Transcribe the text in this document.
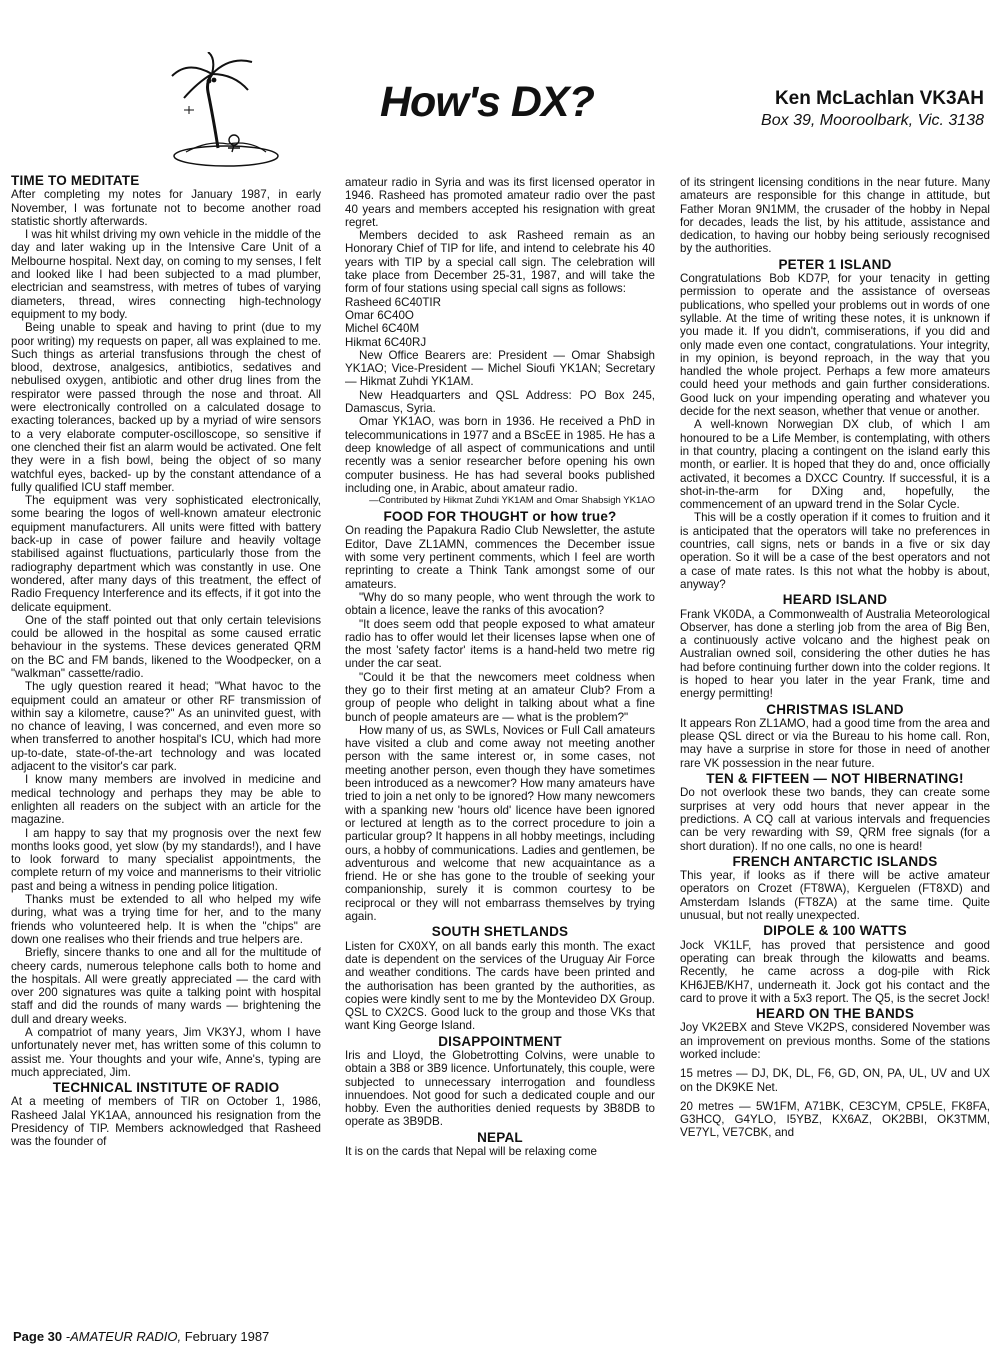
How's DX?	Ken McLachlan VK3AH
Box 39, Mooroolbark, Vic. 3138
TIME TO MEDITATE

After completing my notes for January 1987, in early November, I was fortunate not to become another road statistic shortly afterwards.

I was hit whilst driving my own vehicle in the middle of the day and later waking up in the Intensive Care Unit of a Melbourne hospital. Next day, on coming to my senses, I felt and looked like I had been subjected to a mad plumber, electrician and seamstress, with metres of tubes of varying diameters, thread, wires connecting high-technology equipment to my body.

Being unable to speak and having to print (due to my poor writing) my requests on paper, all was explained to me. Such things as arterial transfusions through the chest of blood, dextrose, analgesics, antibiotics, sedatives and nebulised oxygen, antibiotic and other drug lines from the respirator were passed through the nose and throat. All were electronically controlled on a calculated dosage to exacting tolerances, backed up by a myriad of wire sensors to a very elaborate computer-oscilloscope, so sensitive if one clenched their fist an alarm would be activated. One felt they were in a fish bowl, being the object of so many watchful eyes, backed- up by the constant attendance of a fully qualified ICU staff member.

The equipment was very sophisticated electronically, some bearing the logos of well-known amateur electronic equipment manufacturers. All units were fitted with battery back-up in case of power failure and heavily voltage stabilised against fluctuations, particularly those from the radiography department which was constantly in use. One wondered, after many days of this treatment, the effect of Radio Frequency Interference and its effects, if it got into the delicate equipment.

One of the staff pointed out that only certain televisions could be allowed in the hospital as some caused erratic behaviour in the systems. These devices generated QRM on the BC and FM bands, likened to the Woodpecker, on a "walkman" cassette/radio.

The ugly question reared it head; "What havoc to the equipment could an amateur or other RF transmission of within say a kilometre, cause?" As an uninvited guest, with no chance of leaving, I was concerned, and even more so when transferred to another hospital's ICU, which had more up-to-date, state-of-the-art technology and was located adjacent to the visitor's car park.

I know many members are involved in medicine and medical technology and perhaps they may be able to enlighten all readers on the subject with an article for the magazine.

I am happy to say that my prognosis over the next few months looks good, yet slow (by my standards!), and I have to look forward to many specialist appointments, the complete return of my voice and mannerisms to their vitriolic past and being a witness in pending police litigation.

Thanks must be extended to all who helped my wife during, what was a trying time for her, and to the many friends who volunteered help. It is when the "chips" are down one realises who their friends and true helpers are.

Briefly, sincere thanks to one and all for the multitude of cheery cards, numerous telephone calls both to home and the hospitals. All were greatly appreciated — the card with over 200 signatures was quite a talking point with hospital staff and did the rounds of many wards — brightening the dull and dreary weeks.

A compatriot of many years, Jim VK3YJ, whom I have unfortunately never met, has written some of this column to assist me. Your thoughts and your wife, Anne's, typing are much appreciated, Jim.

TECHNICAL INSTITUTE OF RADIO

At a meeting of members of TIR on October 1, 1986, Rasheed Jalal YK1AA, announced his resignation from the Presidency of TIP. Members acknowledged that Rasheed was the founder of

amateur radio in Syria and was its first licensed operator in 1946. Rasheed has promoted amateur radio over the past 40 years and members accepted his resignation with great regret.

Members decided to ask Rasheed remain as an Honorary Chief of TIP for life, and intend to celebrate his 40 years with TIP by a special call sign. The celebration will take place from December 25-31, 1987, and will take the form of four stations using special call signs as follows:

Rasheed 6C40TIR
Omar 6C40O
Michel 6C40M
Hikmat 6C40RJ

New Office Bearers are: President — Omar Shabsigh YK1AO; Vice-President — Michel Sioufi YK1AN; Secretary — Hikmat Zuhdi YK1AM.

New Headquarters and QSL Address: PO Box 245, Damascus, Syria.

Omar YK1AO, was born in 1936. He received a PhD in telecommunications in 1977 and a BScEE in 1985. He has a deep knowledge of all aspect of communications and until recently was a senior researcher before opening his own computer business. He has had several books published including one, in Arabic, about amateur radio.

—Contributed by Hikmat Zuhdi YK1AM and Omar Shabsigh YK1AO
FOOD FOR THOUGHT or how true?

On reading the Papakura Radio Club Newsletter, the astute Editor, Dave ZL1AMN, commences the December issue with some very pertinent comments, which I feel are worth reprinting to create a Think Tank amongst some of our amateurs.

"Why do so many people, who went through the work to obtain a licence, leave the ranks of this avocation?

"It does seem odd that people exposed to what amateur radio has to offer would let their licenses lapse when one of the most 'safety factor' items is a hand-held two metre rig under the car seat.

"Could it be that the newcomers meet coldness when they go to their first meting at an amateur Club? From a group of people who delight in talking about what a fine bunch of people amateurs are — what is the problem?"

How many of us, as SWLs, Novices or Full Call amateurs have visited a club and come away not meeting another person with the same interest or, in some cases, not meeting another person, even though they have sometimes been introduced as a newcomer? How many amateurs have tried to join a net only to be ignored? How many newcomers with a spanking new 'hours old' licence have been ignored or lectured at length as to the correct procedure to join a particular group? It happens in all hobby meetings, including ours, a hobby of communications. Ladies and gentlemen, be adventurous and welcome that new acquaintance as a friend. He or she has gone to the trouble of seeking your companionship, surely it is common courtesy to be reciprocal or they will not embarrass themselves by trying again.

SOUTH SHETLANDS

Listen for CX0XY, on all bands early this month. The exact date is dependent on the services of the Uruguay Air Force and weather conditions. The cards have been printed and the authorisation has been granted by the authorities, as copies were kindly sent to me by the Montevideo DX Group. QSL to CX2CS. Good luck to the group and those VKs that want King George Island.

DISAPPOINTMENT

Iris and Lloyd, the Globetrotting Colvins, were unable to obtain a 3B8 or 3B9 licence. Unfortunately, this couple, were subjected to unnecessary interrogation and foundless innuendoes. Not good for such a dedicated couple and our hobby. Even the authorities denied requests by 3B8DB to operate as 3B9DB.

NEPAL

It is on the cards that Nepal will be relaxing come

of its stringent licensing conditions in the near future. Many amateurs are responsible for this change in attitude, but Father Moran 9N1MM, the crusader of the hobby in Nepal for decades, leads the list, by his attitude, assistance and dedication, to having our hobby being seriously recognised by the authorities.

PETER 1 ISLAND

Congratulations Bob KD7P, for your tenacity in getting permission to operate and the assistance of overseas publications, who spelled your problems out in words of one syllable. At the time of writing these notes, it is unknown if you made it. If you didn't, commiserations, if you did and only made even one contact, congratulations. Your integrity, in my opinion, is beyond reproach, in the way that you handled the whole project. Perhaps a few more amateurs could heed your methods and gain further considerations. Good luck on your impending operating and whatever you decide for the next season, whether that venue or another.

A well-known Norwegian DX club, of which I am honoured to be a Life Member, is contemplating, with others in that country, placing a contingent on the island early this month, or earlier. It is hoped that they do and, once officially activated, it becomes a DXCC Country. If successful, it is a shot-in-the-arm for DXing and, hopefully, the commencement of an upward trend in the Solar Cycle.

This will be a costly operation if it comes to fruition and it is anticipated that the operators will take no preferences in countries, call signs, nets or bands in a five or six day operation. So it will be a case of the best operators and not a case of mate rates. Is this not what the hobby is about, anyway?

HEARD ISLAND

Frank VK0DA, a Commonwealth of Australia Meteorological Observer, has done a sterling job from the area of Big Ben, a continuously active volcano and the highest peak on Australian owned soil, considering the other duties he has had before continuing further down into the colder regions. It is hoped to hear you later in the year Frank, time and energy permitting!

CHRISTMAS ISLAND

It appears Ron ZL1AMO, had a good time from the area and please QSL direct or via the Bureau to his home call. Ron, may have a surprise in store for those in need of another rare VK possession in the near future.

TEN & FIFTEEN — NOT HIBERNATING!

Do not overlook these two bands, they can create some surprises at very odd hours that never appear in the predictions. A CQ call at various intervals and frequencies can be very rewarding with S9, QRM free signals (for a short duration). If no one calls, no one is heard!

FRENCH ANTARCTIC ISLANDS

This year, if looks as if there will be active amateur operators on Crozet (FT8WA), Kerguelen (FT8XD) and Amsterdam Islands (FT8ZA) at the same time. Quite unusual, but not really unexpected.

DIPOLE & 100 WATTS

Jock VK1LF, has proved that persistence and good operating can break through the kilowatts and beams. Recently, he came across a dog-pile with Rick KH6JEB/KH7, underneath it. Jock got his contact and the card to prove it with a 5x3 report. The Q5, is the secret Jock!

HEARD ON THE BANDS

Joy VK2EBX and Steve VK2PS, considered November was an improvement on previous months. Some of the stations worked include:

15 metres — DJ, DK, DL, F6, GD, ON, PA, UL, UV and UX on the DK9KE Net.

20 metres — 5W1FM, A71BK, CE3CYM, CP5LE, FK8FA, G3HCQ, G4YLO, I5YBZ, KX6AZ, OK2BBI, OK3TMM, VE7YL, VE7CBK, and

Page 30 -AMATEUR RADIO, February 1987
